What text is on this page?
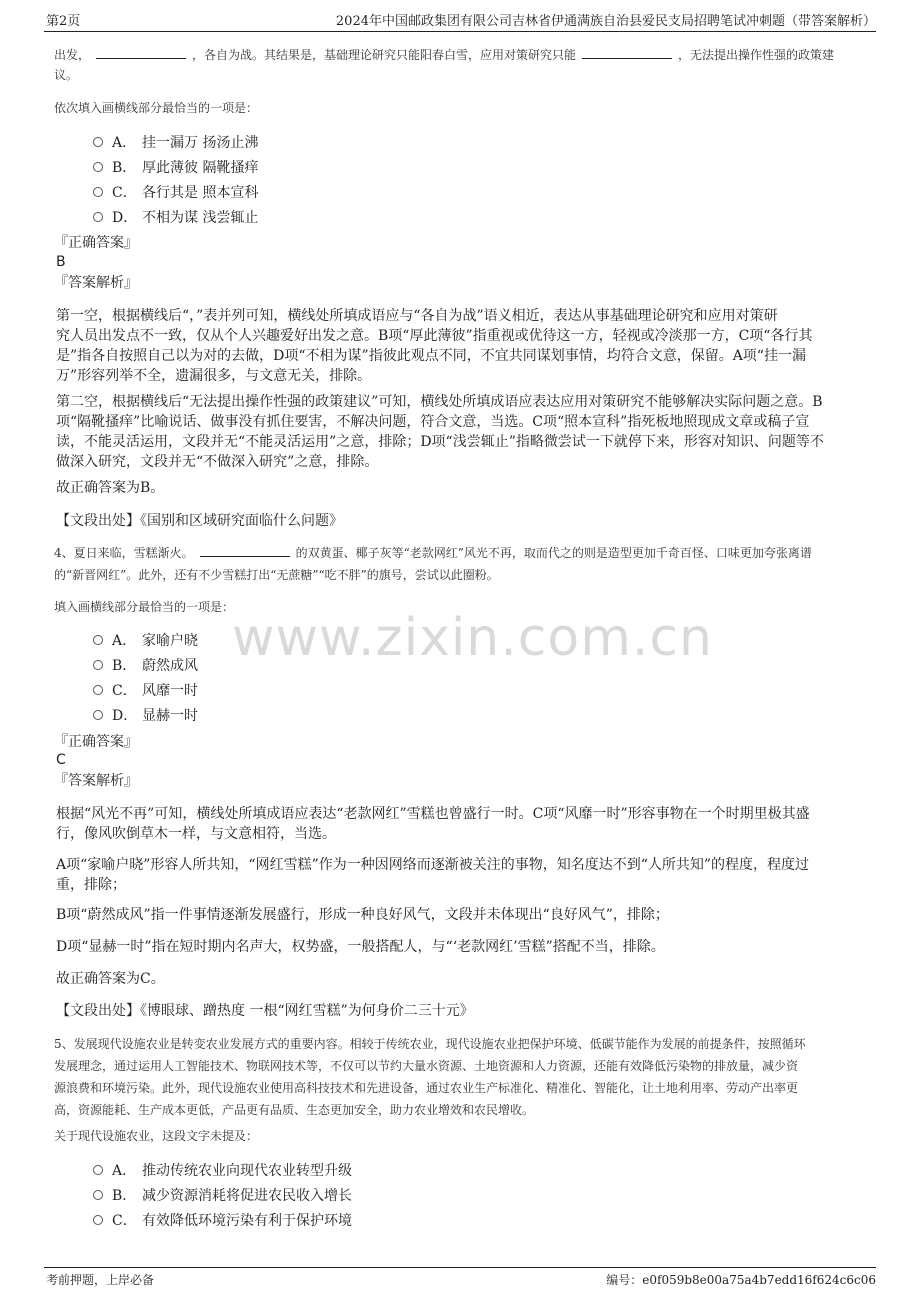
第2页	2024年中国邮政集团有限公司吉林省伊通满族自治县爱民支局招聘笔试冲刺题（带答案解析）
www.zixin.com.cn
出发，	，各自为战。其结果是，基础理论研究只能阳春白雪，应用对策研究只能	，无法提出操作性强的政策建
议。
依次填入画横线部分最恰当的一项是：
A． 挂一漏万 扬汤止沸
B． 厚此薄彼 隔靴搔痒
C． 各行其是 照本宣科
D． 不相为谋 浅尝辄止
『正确答案』
B
『答案解析』
第一空，根据横线后“，”表并列可知，横线处所填成语应与“各自为战”语义相近，表达从事基础理论研究和应用对策研
究人员出发点不一致，仅从个人兴趣爱好出发之意。B项“厚此薄彼”指重视或优待这一方，轻视或冷淡那一方，C项“各行其
是”指各自按照自己以为对的去做，D项“不相为谋”指彼此观点不同，不宜共同谋划事情，均符合文意，保留。A项“挂一漏
万”形容列举不全，遗漏很多，与文意无关，排除。
第二空，根据横线后“无法提出操作性强的政策建议”可知，横线处所填成语应表达应用对策研究不能够解决实际问题之意。B
项“隔靴搔痒”比喻说话、做事没有抓住要害，不解决问题，符合文意，当选。C项“照本宣科”指死板地照现成文章或稿子宣
读，不能灵活运用，文段并无“不能灵活运用”之意，排除；D项“浅尝辄止”指略微尝试一下就停下来，形容对知识、问题等不
做深入研究，文段并无“不做深入研究”之意，排除。
故正确答案为B。
【文段出处】《国别和区域研究面临什么问题》
4、夏日来临，雪糕渐火。	的双黄蛋、椰子灰等“老款网红”风光不再，取而代之的则是造型更加千奇百怪、口味更加夸张离谱
的“新晋网红”。此外，还有不少雪糕打出“无蔗糖”“吃不胖”的旗号，尝试以此圈粉。
填入画横线部分最恰当的一项是：
A． 家喻户晓
B． 蔚然成风
C． 风靡一时
D． 显赫一时
『正确答案』
C
『答案解析』
根据“风光不再”可知，横线处所填成语应表达“老款网红”雪糕也曾盛行一时。C项“风靡一时”形容事物在一个时期里极其盛
行，像风吹倒草木一样，与文意相符，当选。
A项“家喻户晓”形容人所共知，“网红雪糕”作为一种因网络而逐渐被关注的事物，知名度达不到“人所共知”的程度，程度过
重，排除；
B项“蔚然成风”指一件事情逐渐发展盛行，形成一种良好风气，文段并未体现出“良好风气”，排除；
D项“显赫一时”指在短时期内名声大，权势盛，一般搭配人，与“‘老款网红’雪糕”搭配不当，排除。
故正确答案为C。
【文段出处】《博眼球、蹭热度 一根“网红雪糕”为何身价二三十元》
5、发展现代设施农业是转变农业发展方式的重要内容。相较于传统农业，现代设施农业把保护环境、低碳节能作为发展的前提条件，按照循环
发展理念，通过运用人工智能技术、物联网技术等，不仅可以节约大量水资源、土地资源和人力资源，还能有效降低污染物的排放量，减少资
源浪费和环境污染。此外，现代设施农业使用高科技技术和先进设备，通过农业生产标准化、精准化、智能化，让土地利用率、劳动产出率更
高，资源能耗、生产成本更低，产品更有品质、生态更加安全，助力农业增效和农民增收。
关于现代设施农业，这段文字未提及：
A． 推动传统农业向现代农业转型升级
B． 减少资源消耗将促进农民收入增长
C． 有效降低环境污染有利于保护环境
考前押题，上岸必备	编号：e0f059b8e00a75a4b7edd16f624c6c06
